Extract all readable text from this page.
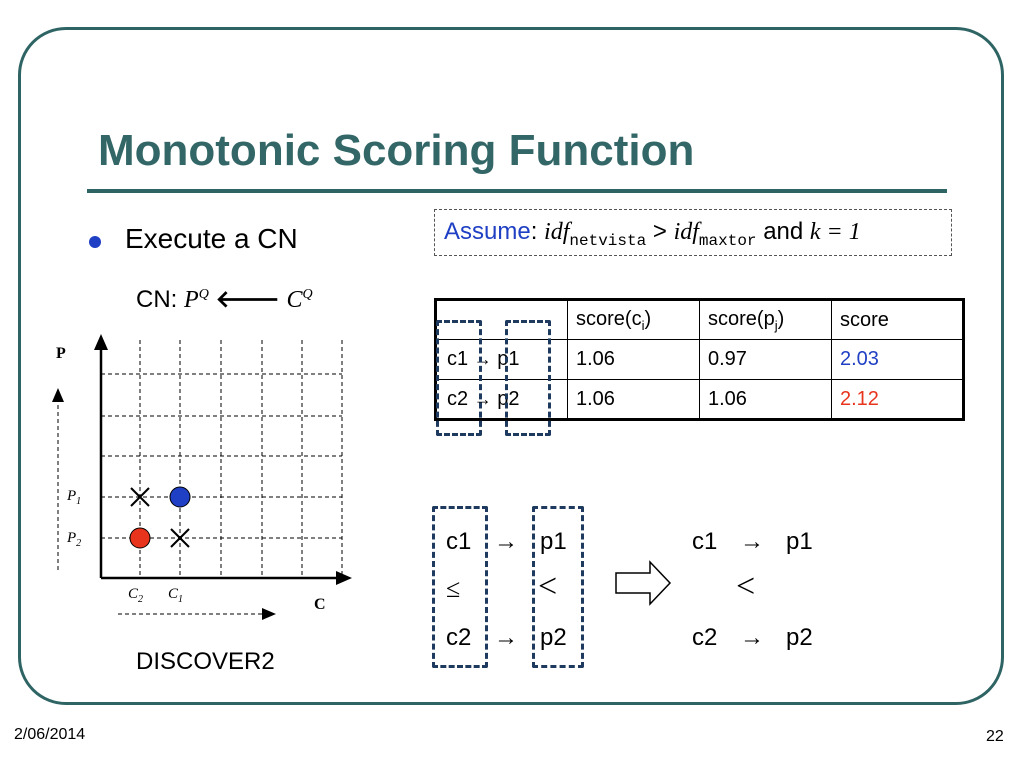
Monotonic Scoring Function
Execute a CN
CN: $P^Q$ 🡐 $C^Q$
Assume: idf$_{netvista}$ > idf$_{maxtor}$ and k = 1
	$score(c_i)$	$score(p_j)$	score
c1 → p1	1.06	0.97	2.03
c2 → p2	1.06	1.06	2.12
c1 → p1
≤ <
c2 → p2
c1 → p1
<
c2 → p2
P
C
$P_1$
$P_2$
$C_2$ $C_1$
DISCOVER2
2/06/2014	22
